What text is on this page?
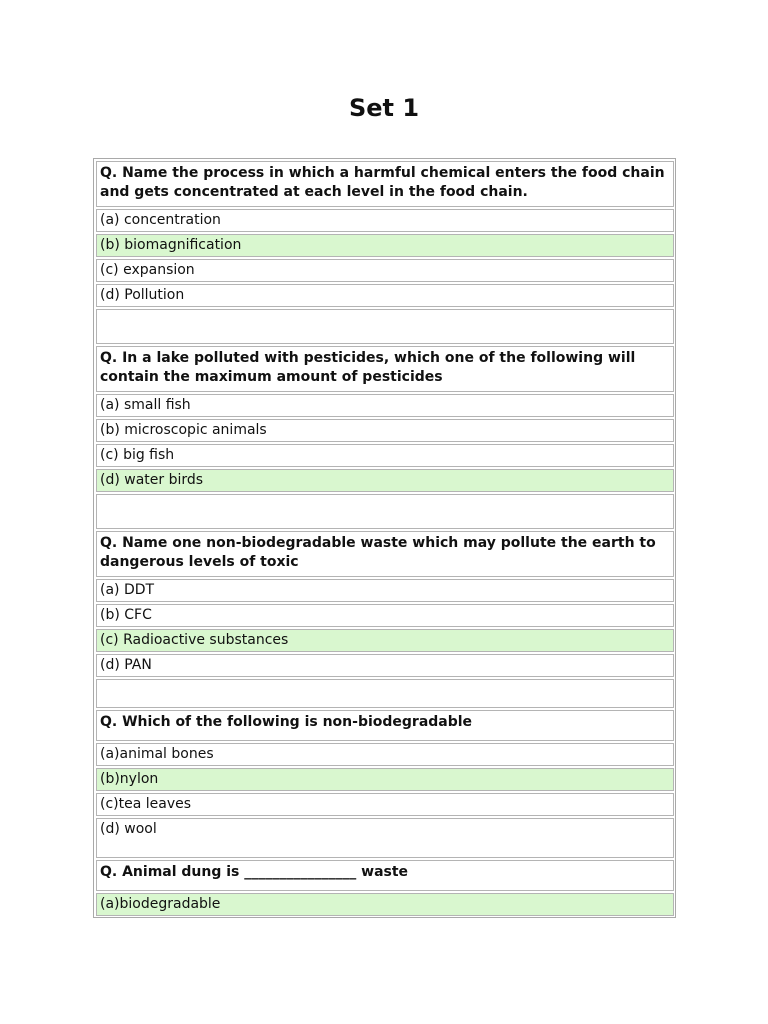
Set 1
Q. Name the process in which a harmful chemical enters the food chain and gets concentrated at each level in the food chain.
(a) concentration
(b) biomagnification
(c) expansion
(d) Pollution
Q. In a lake polluted with pesticides, which one of the following will contain the maximum amount of pesticides
(a) small fish
(b) microscopic animals
(c) big fish
(d) water birds
Q. Name one non-biodegradable waste which may pollute the earth to dangerous levels of toxic
(a) DDT
(b) CFC
(c) Radioactive substances
(d) PAN
Q. Which of the following is non-biodegradable
(a)animal bones
(b)nylon
(c)tea leaves
(d) wool
Q. Animal dung is ________________ waste
(a)biodegradable
